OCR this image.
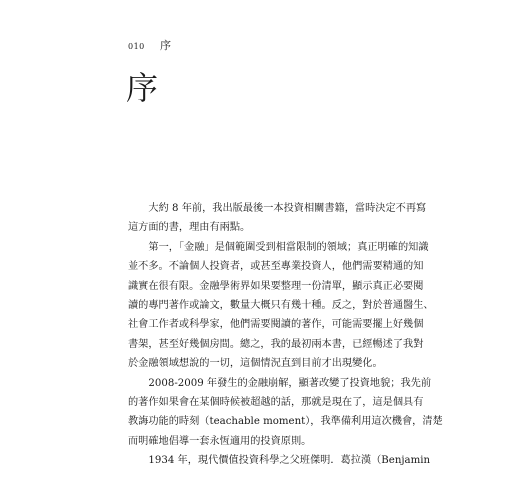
010 序
序

大約 8 年前，我出版最後一本投資相關書籍，當時決定不再寫
這方面的書，理由有兩點。

第一，「金融」是個範圍受到相當限制的領域；真正明確的知識
並不多。不論個人投資者，或甚至專業投資人，他們需要精通的知
識實在很有限。金融學術界如果要整理一份清單，顯示真正必要閱
讀的專門著作或論文，數量大概只有幾十種。反之，對於普通醫生、
社會工作者或科學家，他們需要閱讀的著作，可能需要擺上好幾個
書架，甚至好幾個房間。總之，我的最初兩本書，已經暢述了我對
於金融領域想說的一切，這個情況直到目前才出現變化。

2008-2009 年發生的金融崩解，顯著改變了投資地貌；我先前
的著作如果會在某個時候被超越的話，那就是現在了，這是個具有
教誨功能的時刻（teachable moment），我準備利用這次機會，清楚
而明確地倡導一套永恆適用的投資原則。

1934 年，現代價值投資科學之父班傑明．葛拉漢（Benjamin
